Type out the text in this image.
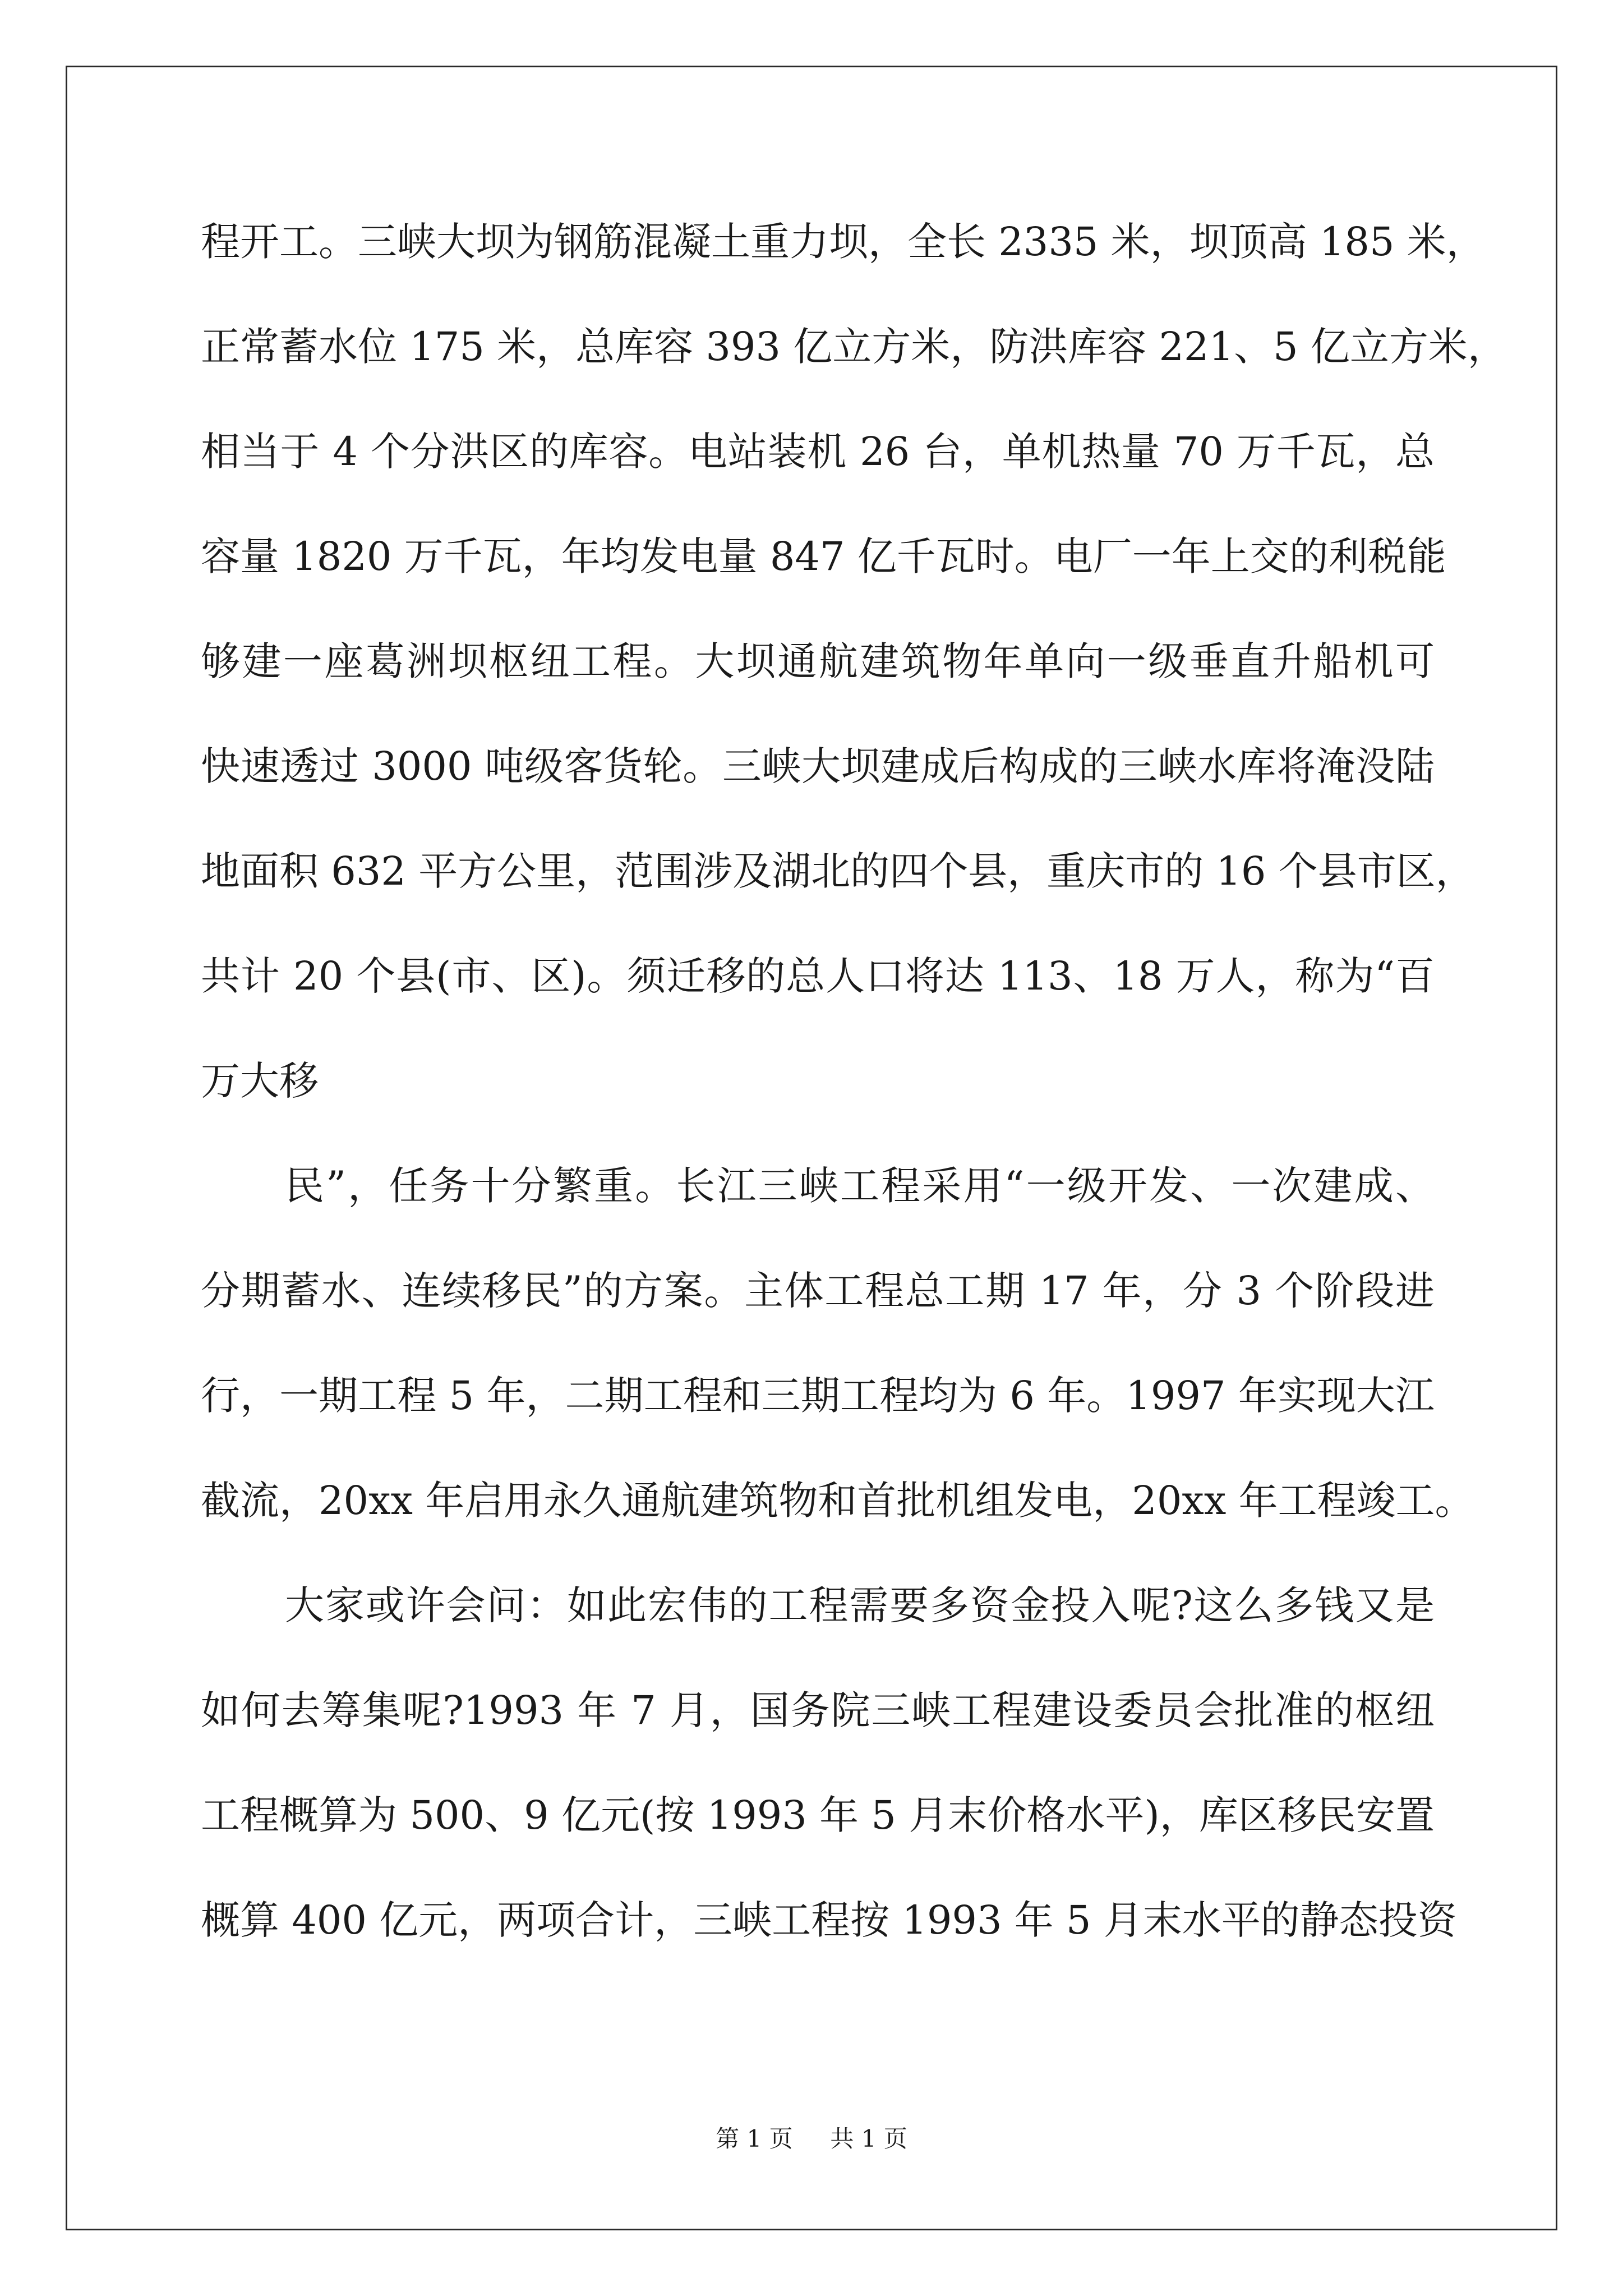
程开工。三峡大坝为钢筋混凝土重力坝，全长 2335 米，坝顶高 185 米，
正常蓄水位 175 米，总库容 393 亿立方米，防洪库容 221、5 亿立方米，
相当于 4 个分洪区的库容。电站装机 26 台，单机热量 70 万千瓦，总
容量 1820 万千瓦，年均发电量 847 亿千瓦时。电厂一年上交的利税能
够建一座葛洲坝枢纽工程。大坝通航建筑物年单向一级垂直升船机可
快速透过 3000 吨级客货轮。三峡大坝建成后构成的三峡水库将淹没陆
地面积 632 平方公里，范围涉及湖北的四个县，重庆市的 16 个县市区，
共计 20 个县(市、区)。须迁移的总人口将达 113、18 万人，称为“百
万大移
民”，任务十分繁重。长江三峡工程采用“一级开发、一次建成、
分期蓄水、连续移民”的方案。主体工程总工期 17 年，分 3 个阶段进
行，一期工程 5 年，二期工程和三期工程均为 6 年。1997 年实现大江
截流，20xx 年启用永久通航建筑物和首批机组发电，20xx 年工程竣工。
大家或许会问：如此宏伟的工程需要多资金投入呢?这么多钱又是
如何去筹集呢?1993 年 7 月，国务院三峡工程建设委员会批准的枢纽
工程概算为 500、9 亿元(按 1993 年 5 月末价格水平)，库区移民安置
概算 400 亿元，两项合计，三峡工程按 1993 年 5 月末水平的静态投资
第 1 页 共 1 页
